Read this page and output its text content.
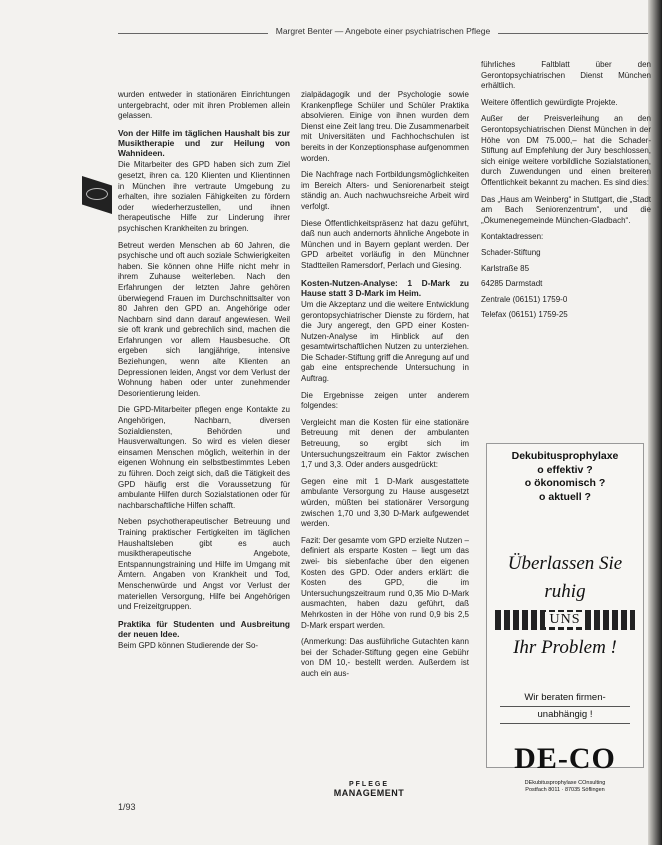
Margret Benter — Angebote einer psychiatrischen Pflege

wurden entweder in stationären Einrichtungen untergebracht, oder mit ihren Problemen allein gelassen.

Von der Hilfe im täglichen Haushalt bis zur Musiktherapie und zur Heilung von Wahnideen.

Die Mitarbeiter des GPD haben sich zum Ziel gesetzt, ihren ca. 120 Klienten und Klientinnen in München ihre vertraute Umgebung zu erhalten, ihre sozialen Fähigkeiten zu fördern oder wiederherzustellen, und ihnen therapeutische Hilfe zur Linderung ihrer psychischen Krankheiten zu bringen.

Betreut werden Menschen ab 60 Jahren, die psychische und oft auch soziale Schwierigkeiten haben. Sie können ohne Hilfe nicht mehr in ihrem Zuhause weiterleben. Nach den Erfahrungen der letzten Jahre gehören überwiegend Frauen im Durchschnittsalter von 80 Jahren den GPD an. Angehörige oder Nachbarn sind dann darauf angewiesen. Weil sie oft krank und gebrechlich sind, machen die Erfahrungen vor allem Hausbesuche. Oft ergeben sich langjährige, intensive Beziehungen, wenn alte Klienten an Depressionen leiden, Angst vor dem Verlust der Wohnung haben oder unter zunehmender Desorientierung leiden.

Die GPD-Mitarbeiter pflegen enge Kontakte zu Angehörigen, Nachbarn, diversen Sozialdiensten, Behörden und Hausverwaltungen. So wird es vielen dieser einsamen Menschen möglich, weiterhin in der eigenen Wohnung ein selbstbestimmtes Leben zu führen. Doch zeigt sich, daß die Tätigkeit des GPD häufig erst die Voraussetzung für ambulante Hilfen durch Sozialstationen oder für nachbarschaftliche Hilfen schafft.

Neben psychotherapeutischer Betreuung und Training praktischer Fertigkeiten im täglichen Haushaltsleben gibt es auch musiktherapeutische Angebote, Entspannungstraining und Hilfe im Umgang mit Ämtern. Angaben von Krankheit und Tod, Menschenwürde und Angst vor Verlust der materiellen Versorgung, Hilfe bei Angehörigen und Freizeitgruppen.

Praktika für Studenten und Ausbreitung der neuen Idee.

Beim GPD können Studierende der So-

zialpädagogik und der Psychologie sowie Krankenpflege Schüler und Schüler Praktika absolvieren. Einige von ihnen wurden dem Dienst eine Zeit lang treu. Die Zusammenarbeit mit Universitäten und Fachhochschulen ist bereits in der Konzeptionsphase aufgenommen worden.

Die Nachfrage nach Fortbildungsmöglichkeiten im Bereich Alters- und Seniorenarbeit steigt ständig an. Auch nachwuchsreiche Arbeit wird verfolgt.

Diese Öffentlichkeitspräsenz hat dazu geführt, daß nun auch andernorts ähnliche Angebote in München und in Bayern geplant werden. Der GPD arbeitet vorläufig in den Münchner Stadtteilen Ramersdorf, Perlach und Giesing.

Kosten-Nutzen-Analyse: 1 D-Mark zu Hause statt 3 D-Mark im Heim.

Um die Akzeptanz und die weitere Entwicklung gerontopsychiatrischer Dienste zu fördern, hat die Jury angeregt, den GPD einer Kosten-Nutzen-Analyse im Hinblick auf den gesamtwirtschaftlichen Nutzen zu unterziehen. Die Schader-Stiftung griff die Anregung auf und gab eine entsprechende Untersuchung in Auftrag.

Die Ergebnisse zeigen unter anderem folgendes:

Vergleicht man die Kosten für eine stationäre Betreuung mit denen der ambulanten Betreuung, so ergibt sich im Untersuchungszeitraum ein Faktor zwischen 1,7 und 3,3. Oder anders ausgedrückt:

Gegen eine mit 1 D-Mark ausgestattete ambulante Versorgung zu Hause ausgesetzt würden, müßten bei stationärer Versorgung zwischen 1,70 und 3,30 D-Mark aufgewendet werden.

Fazit: Der gesamte vom GPD erzielte Nutzen – definiert als ersparte Kosten – liegt um das zwei- bis siebenfache über den eigenen Kosten des GPD. Oder anders erklärt: die Kosten des GPD, die im Untersuchungszeitraum rund 0,35 Mio D-Mark ausmachten, haben dazu geführt, daß Mehrkosten in der Höhe von rund 0,9 bis 2,5 D-Mark erspart werden.

(Anmerkung: Das ausführliche Gutachten kann bei der Schader-Stiftung gegen eine Gebühr von DM 10,- bestellt werden. Außerdem ist auch ein aus-

führliches Faltblatt über den Gerontopsychiatrischen Dienst München erhältlich.

Weitere öffentlich gewürdigte Projekte.

Außer der Preisverleihung an den Gerontopsychiatrischen Dienst München in der Höhe von DM 75.000,– hat die Schader-Stiftung auf Empfehlung der Jury beschlossen, sich einige weitere vorbildliche Sozialstationen, durch Zuwendungen und einen breiteren Öffentlichkeit bekannt zu machen. Es sind dies:

Das „Haus am Weinberg“ in Stuttgart, die „Stadt am Bach Seniorenzentrum“, und die „Ökumenegemeinde München-Gladbach“.

Kontaktadressen:

Schader-Stiftung

Karlstraße 85

64285 Darmstadt

Zentrale (06151) 1759-0

Telefax (06151) 1759-25

Dekubitusprophylaxe
o effektiv ?
o ökonomisch ?
o aktuell ?
Überlassen Sie
ruhig
UNS
Ihr Problem !
Wir beraten firmen-
unabhängig !
DE-CO
DEkubitusprophylaxe COnsulting
Postfach 8011 · 87035 Söflingen
1/93
PFLEGE
MANAGEMENT
